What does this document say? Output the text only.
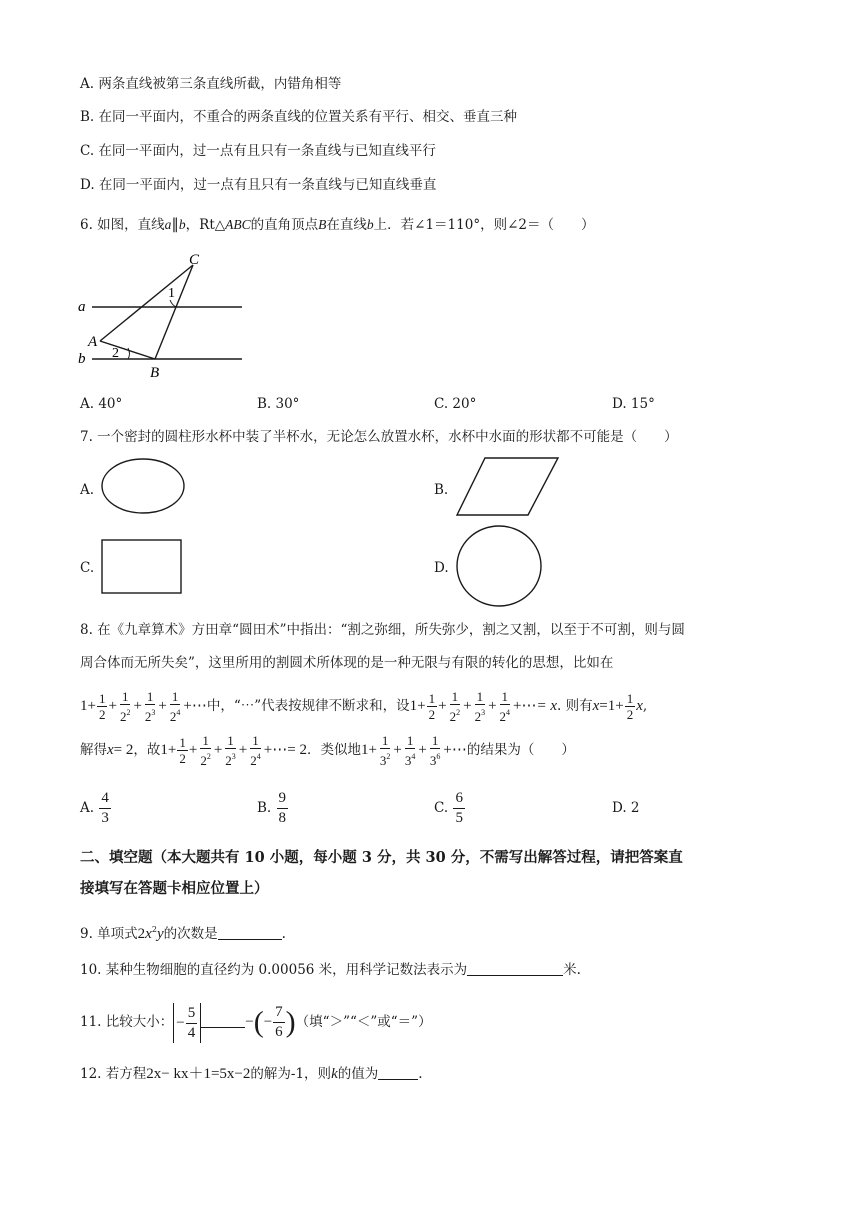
A. 两条直线被第三条直线所截，内错角相等
B. 在同一平面内，不重合的两条直线的位置关系有平行、相交、垂直三种
C. 在同一平面内，过一点有且只有一条直线与已知直线平行
D. 在同一平面内，过一点有且只有一条直线与已知直线垂直
6. 如图，直线a∥b，Rt△ABC的直角顶点B在直线b上．若∠1＝110°，则∠2＝（　　）
C
1
a
A
2
b
B
A. 40°	B. 30°	C. 20°	D. 15°
7. 一个密封的圆柱形水杯中装了半杯水，无论怎么放置水杯，水杯中水面的形状都不可能是（　　）
A.	B.
C.	D.
8. 在《九章算术》方田章“圆田术”中指出：“割之弥细，所失弥少，割之又割，以至于不可割，则与圆
周合体而无所失矣”，这里所用的割圆术所体现的是一种无限与有限的转化的思想，比如在
$1+ \frac{1}{2} + \frac{1}{2^2} + \frac{1}{2^3} + \frac{1}{2^4}$ +⋯中，“⋯”代表按规律不断求和，设$1+ \frac{1}{2} + \frac{1}{2^2} + \frac{1}{2^3} + \frac{1}{2^4}$ +⋯= x. 则有$x=1+ \frac{1}{2} x$,
解得x= 2，故$1+ \frac{1}{2} + \frac{1}{2^2} + \frac{1}{2^3} + \frac{1}{2^4}$ +⋯= 2．类似地$1+ \frac{1}{3^2} + \frac{1}{3^4} + \frac{1}{3^6}$ +⋯的结果为（　　）
A. $\frac{4}{3}$	B. $\frac{9}{8}$	C. $\frac{6}{5}$	D. 2
二、填空题（本大题共有 10 小题，每小题 3 分，共 30 分，不需写出解答过程，请把答案直
接填写在答题卡相应位置上）
9. 单项式$2x^2y$的次数是	.
10. 某种生物细胞的直径约为 0.00056 米，用科学记数法表示为	米.
11. 比较大小： − $\frac{5}{4}$	−(− $\frac{7}{6}$ )（填“＞”“＜”或“＝”）
12. 若方程2x− kx＋1=5x−2的解为-1，则k的值为	.
